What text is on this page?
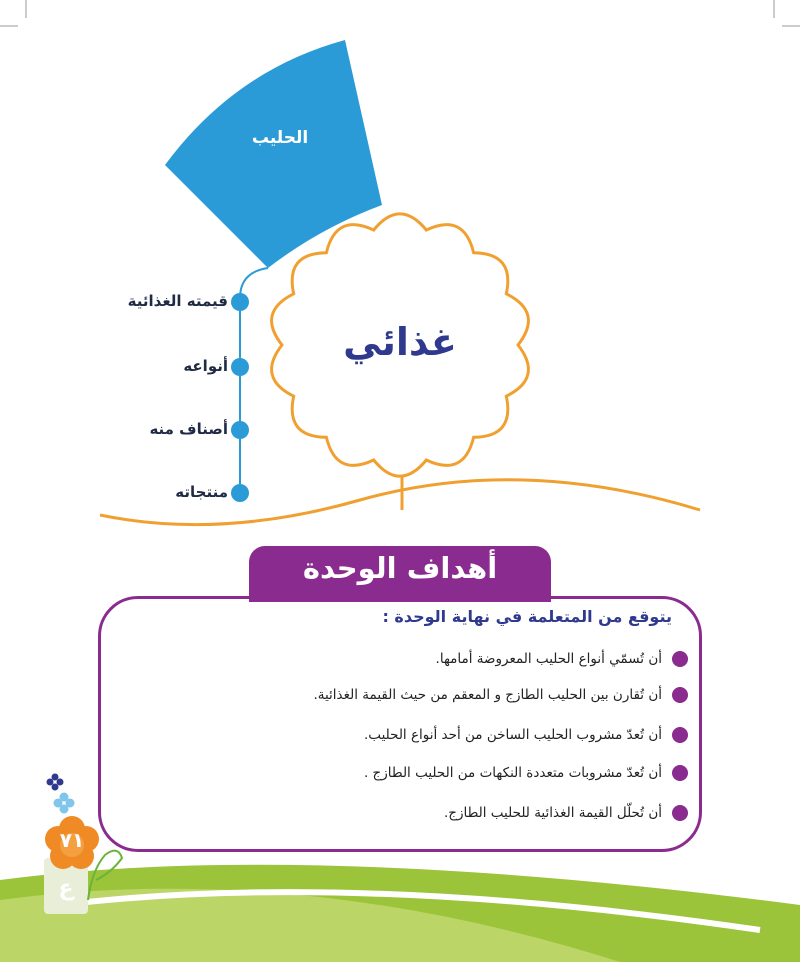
ع
الحليب
غذائي
قيمته الغذائية
أنواعه
أصناف منه
منتجاته
أهداف الوحدة
يتوقع من المتعلمة في نهاية الوحدة :
أن تُسمّي أنواع الحليب المعروضة أمامها.
أن تُقارن بين الحليب الطازج و المعقم من حيث القيمة الغذائية.
أن تُعدّ مشروب الحليب الساخن من أحد أنواع الحليب.
أن تُعدّ مشروبات متعددة النكهات من الحليب الطازج .
أن تُحلّل القيمة الغذائية للحليب الطازج.
٧١
